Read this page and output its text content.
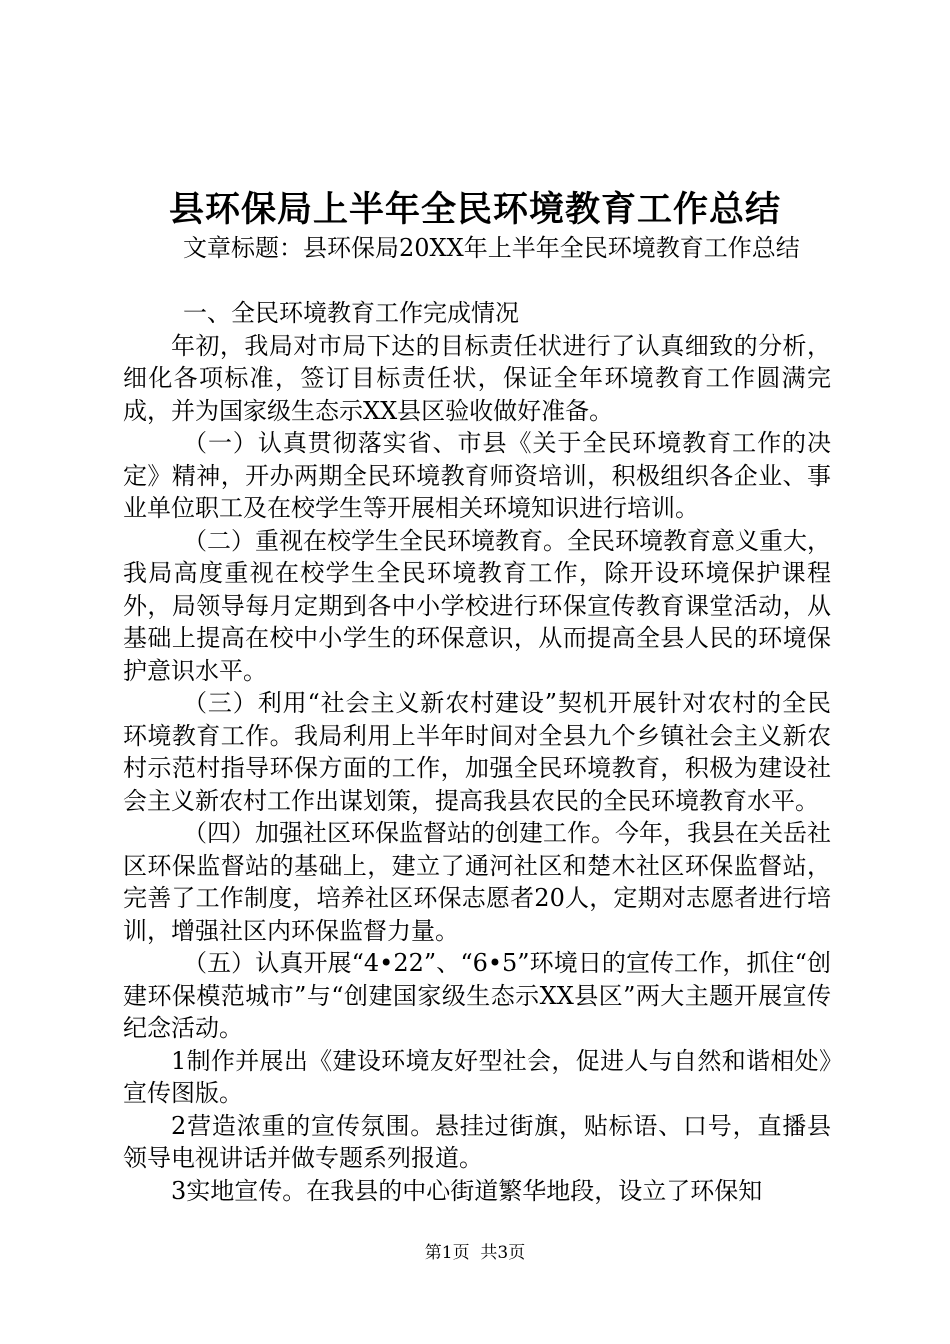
县环保局上半年全民环境教育工作总结

文章标题：县环保局20XX年上半年全民环境教育工作总结

一、全民环境教育工作完成情况

年初，我局对市局下达的目标责任状进行了认真细致的分析，细化各项标准，签订目标责任状，保证全年环境教育工作圆满完成，并为国家级生态示XX县区验收做好准备。

（一）认真贯彻落实省、市县《关于全民环境教育工作的决定》精神，开办两期全民环境教育师资培训，积极组织各企业、事业单位职工及在校学生等开展相关环境知识进行培训。

（二）重视在校学生全民环境教育。全民环境教育意义重大，我局高度重视在校学生全民环境教育工作，除开设环境保护课程外，局领导每月定期到各中小学校进行环保宣传教育课堂活动，从基础上提高在校中小学生的环保意识，从而提高全县人民的环境保护意识水平。

（三）利用“社会主义新农村建设”契机开展针对农村的全民环境教育工作。我局利用上半年时间对全县九个乡镇社会主义新农村示范村指导环保方面的工作，加强全民环境教育，积极为建设社会主义新农村工作出谋划策，提高我县农民的全民环境教育水平。

（四）加强社区环保监督站的创建工作。今年，我县在关岳社区环保监督站的基础上，建立了通河社区和楚木社区环保监督站，完善了工作制度，培养社区环保志愿者20人，定期对志愿者进行培训，增强社区内环保监督力量。

（五）认真开展“4•22”、“6•5”环境日的宣传工作，抓住“创建环保模范城市”与“创建国家级生态示XX县区”两大主题开展宣传纪念活动。

1制作并展出《建设环境友好型社会，促进人与自然和谐相处》宣传图版。

2营造浓重的宣传氛围。悬挂过街旗，贴标语、口号，直播县领导电视讲话并做专题系列报道。

3实地宣传。在我县的中心街道繁华地段，设立了环保知

第1页 共3页
